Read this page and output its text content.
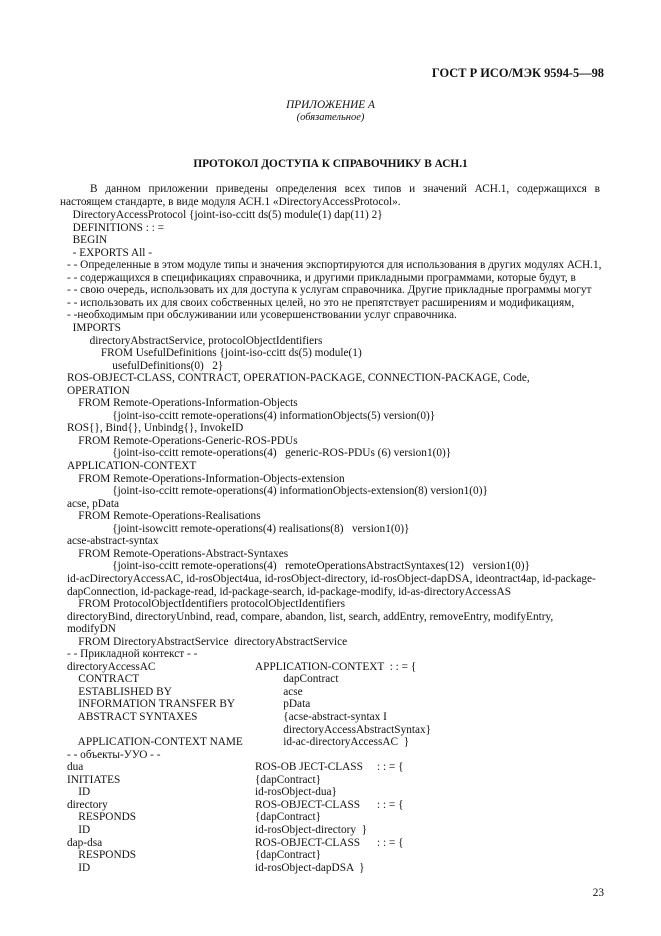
ГОСТ Р ИСО/МЭК 9594-5—98
ПРИЛОЖЕНИЕ А
(обязательное)
ПРОТОКОЛ ДОСТУПА К СПРАВОЧНИКУ В АСН.1
В данном приложении приведены определения всех типов и значений АСН.1, содержащихся в настоящем стандарте, в виде модуля АСН.1 «DirectoryAccessProtocol».
DirectoryAccessProtocol {joint-iso-ccitt ds(5) module(1) dap(11) 2}
DEFINITIONS : : =
BEGIN
- EXPORTS All -
- - Определенные в этом модуле типы и значения экспортируются для использования в других модулях АСН.1,
- - содержащихся в спецификациях справочника, и другими прикладными программами, которые будут, в
- - свою очередь, использовать их для доступа к услугам справочника. Другие прикладные программы могут
- - использовать их для своих собственных целей, но это не препятствует расширениям и модификациям,
- -необходимым при обслуживании или усовершенствовании услуг справочника.
IMPORTS
directoryAbstractService, protocolObjectIdentifiers
FROM UsefulDefinitions {joint-iso-ccitt ds(5) module(1)
usefulDefinitions(0)   2}
ROS-OBJECT-CLASS, CONTRACT, OPERATION-PACKAGE, CONNECTION-PACKAGE, Code,
OPERATION
FROM Remote-Operations-Information-Objects
{joint-iso-ccitt remote-operations(4) informationObjects(5) version(0)}
ROS{}, Bind{}, Unbindg{}, InvokeID
FROM Remote-Operations-Generic-ROS-PDUs
{joint-iso-ccitt remote-operations(4)   generic-ROS-PDUs (6) version1(0)}
APPLICATION-CONTEXT
FROM Remote-Operations-Information-Objects-extension
{joint-iso-ccitt remote-operations(4) informationObjects-extension(8) version1(0)}
acse, pData
FROM Remote-Operations-Realisations
{joint-isowcitt remote-operations(4) realisations(8)   version1(0)}
acse-abstract-syntax
FROM Remote-Operations-Abstract-Syntaxes
{joint-iso-ccitt remote-operations(4)   remoteOperationsAbstractSyntaxes(12)   version1(0)}
id-acDirectoryAccessAC, id-rosObject4ua, id-rosObject-directory, id-rosObject-dapDSA, ideontract4ap, id-package-
dapConnection, id-package-read, id-package-search, id-package-modify, id-as-directoryAccessAS
FROM ProtocolObjectIdentifiers protocolObjectIdentifiers
directoryBind, directoryUnbind, read, compare, abandon, list, search, addEntry, removeEntry, modifyEntry,
modifyDN
FROM DirectoryAbstractService  directoryAbstractService
- - Прикладной контекст - -
directoryAccessAC	APPLICATION-CONTEXT  : : = {
CONTRACT	dapContract
ESTABLISHED BY	acse
INFORMATION TRANSFER BY pData
ABSTRACT SYNTAXES	{acse-abstract-syntax I
directoryAccessAbstractSyntax}
APPLICATION-CONTEXT NAME id-ac-directoryAccessAC  }
- - объекты-УУО - -
dua	ROS-OB JECT-CLASS     : : = {
INITIATES	{dapContract}
ID	id-rosObject-dua}
directory	ROS-OBJECT-CLASS      : : = {
RESPONDS	{dapContract}
ID	id-rosObject-directory  }
dap-dsa	ROS-OBJECT-CLASS      : : = {
RESPONDS	{dapContract}
ID	id-rosObject-dapDSA  }
23
